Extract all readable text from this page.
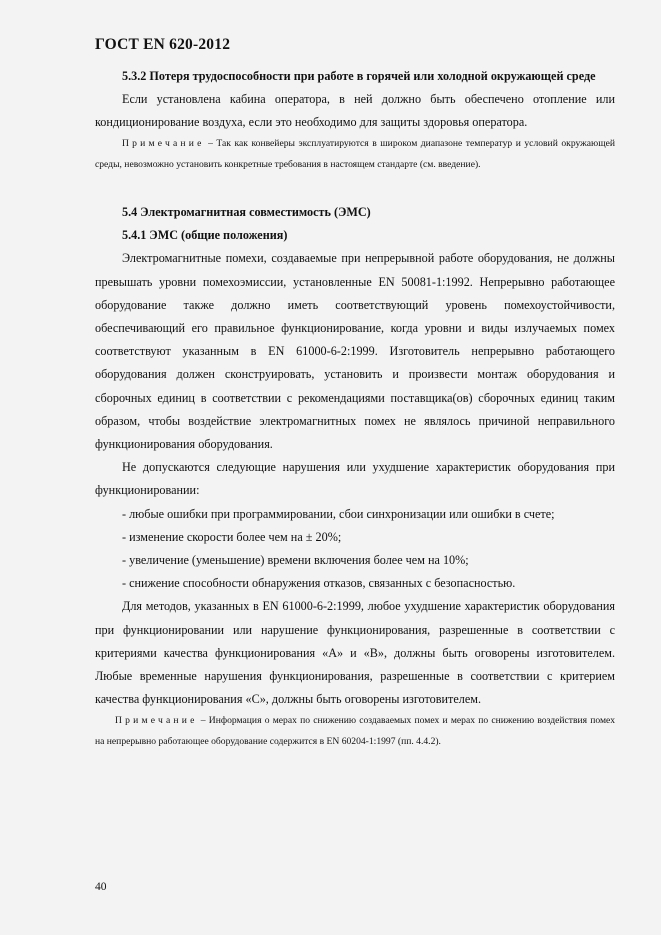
ГОСТ EN 620-2012

5.3.2 Потеря трудоспособности при работе в горячей или холодной окружающей среде

Если установлена кабина оператора, в ней должно быть обеспечено отопление или кондиционирование воздуха, если это необходимо для защиты здоровья оператора.

Примечание – Так как конвейеры эксплуатируются в широком диапазоне температур и условий окружающей среды, невозможно установить конкретные требования в настоящем стандарте (см. введение).

5.4 Электромагнитная совместимость (ЭМС)

5.4.1 ЭМС (общие положения)

Электромагнитные помехи, создаваемые при непрерывной работе оборудования, не должны превышать уровни помехоэмиссии, установленные EN 50081-1:1992. Непрерывно работающее оборудование также должно иметь соответствующий уровень помехоустойчивости, обеспечивающий его правильное функционирование, когда уровни и виды излучаемых помех соответствуют указанным в EN 61000-6-2:1999. Изготовитель непрерывно работающего оборудования должен сконструировать, установить и произвести монтаж оборудования и сборочных единиц в соответствии с рекомендациями поставщика(ов) сборочных единиц таким образом, чтобы воздействие электромагнитных помех не являлось причиной неправильного функционирования оборудования.

Не допускаются следующие нарушения или ухудшение характеристик оборудования при функционировании:

- любые ошибки при программировании, сбои синхронизации или ошибки в счете;

- изменение скорости более чем на ± 20%;

- увеличение (уменьшение) времени включения более чем на 10%;

- снижение способности обнаружения отказов, связанных с безопасностью.

Для методов, указанных в EN 61000-6-2:1999, любое ухудшение характеристик оборудования при функционировании или нарушение функционирования, разрешенные в соответствии с критериями качества функционирования «А» и «В», должны быть оговорены изготовителем. Любые временные нарушения функционирования, разрешенные в соответствии с критерием качества функционирования «С», должны быть оговорены изготовителем.

Примечание – Информация о мерах по снижению создаваемых помех и мерах по снижению воздействия помех на непрерывно работающее оборудование содержится в EN 60204-1:1997 (пп. 4.4.2).

40
